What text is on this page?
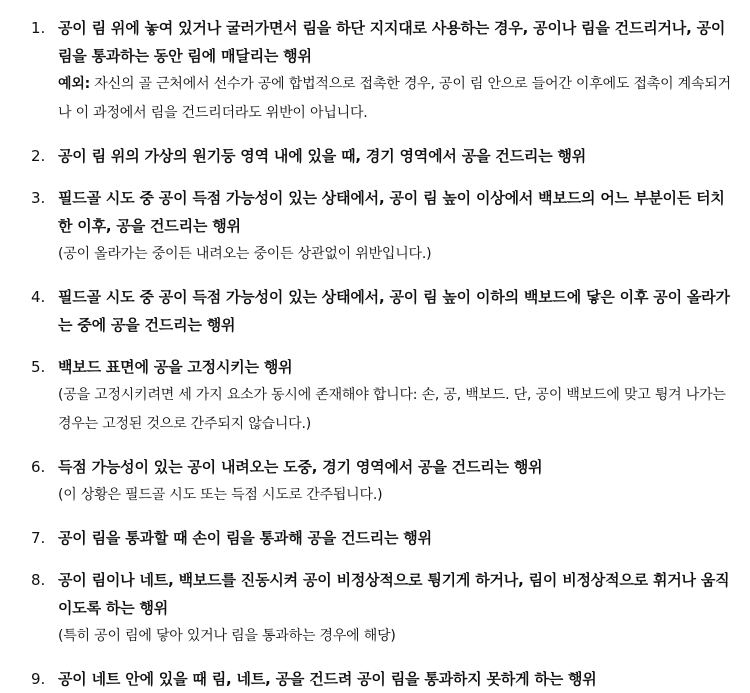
1. 공이 림 위에 놓여 있거나 굴러가면서 림을 하단 지지대로 사용하는 경우, 공이나 림을 건드리거나, 공이 림을 통과하는 동안 림에 매달리는 행위
예외: 자신의 골 근처에서 선수가 공에 합법적으로 접촉한 경우, 공이 림 안으로 들어간 이후에도 접촉이 계속되거나 이 과정에서 림을 건드리더라도 위반이 아닙니다.
2. 공이 림 위의 가상의 원기둥 영역 내에 있을 때, 경기 영역에서 공을 건드리는 행위
3. 필드골 시도 중 공이 득점 가능성이 있는 상태에서, 공이 림 높이 이상에서 백보드의 어느 부분이든 터치한 이후, 공을 건드리는 행위
(공이 올라가는 중이든 내려오는 중이든 상관없이 위반입니다.)
4. 필드골 시도 중 공이 득점 가능성이 있는 상태에서, 공이 림 높이 이하의 백보드에 닿은 이후 공이 올라가는 중에 공을 건드리는 행위
5. 백보드 표면에 공을 고정시키는 행위
(공을 고정시키려면 세 가지 요소가 동시에 존재해야 합니다: 손, 공, 백보드. 단, 공이 백보드에 맞고 튕겨 나가는 경우는 고정된 것으로 간주되지 않습니다.)
6. 득점 가능성이 있는 공이 내려오는 도중, 경기 영역에서 공을 건드리는 행위
(이 상황은 필드골 시도 또는 득점 시도로 간주됩니다.)
7. 공이 림을 통과할 때 손이 림을 통과해 공을 건드리는 행위
8. 공이 림이나 네트, 백보드를 진동시켜 공이 비정상적으로 튕기게 하거나, 림이 비정상적으로 휘거나 움직이도록 하는 행위
(특히 공이 림에 닿아 있거나 림을 통과하는 경우에 해당)
9. 공이 네트 안에 있을 때 림, 네트, 공을 건드려 공이 림을 통과하지 못하게 하는 행위
